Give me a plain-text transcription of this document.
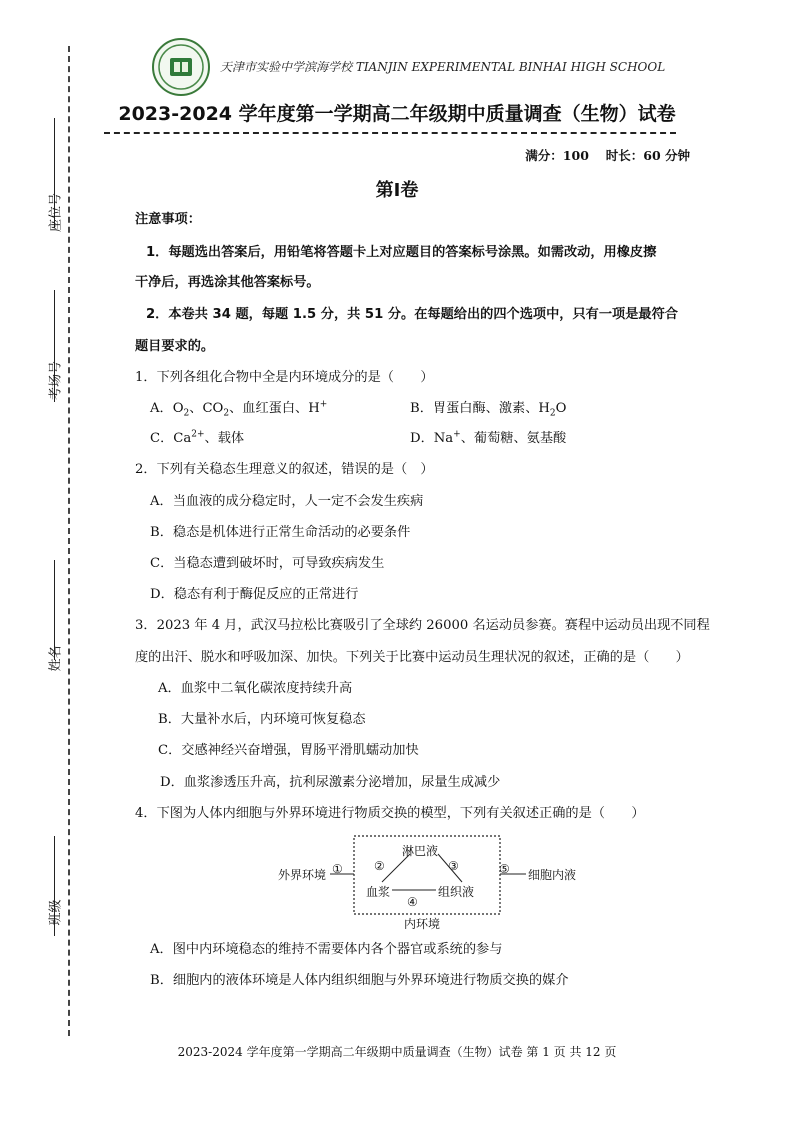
座位号
考场号
姓名
班级
天津市实验中学滨海学校 TIANJIN EXPERIMENTAL BINHAI HIGH SCHOOL
2023-2024 学年度第一学期高二年级期中质量调查（生物）试卷
满分：100　 时长：60 分钟
第Ⅰ卷
注意事项：
1．每题选出答案后，用铅笔将答题卡上对应题目的答案标号涂黑。如需改动，用橡皮擦
干净后，再选涂其他答案标号。
2．本卷共 34 题，每题 1.5 分，共 51 分。在每题给出的四个选项中，只有一项是最符合
题目要求的。
1．下列各组化合物中全是内环境成分的是（　　）
A．$O_2$、$CO_2$、血红蛋白、H+	B．胃蛋白酶、激素、$H_2O$
C．$Ca^{2+}$、载体	D．Na+、葡萄糖、氨基酸
2．下列有关稳态生理意义的叙述，错误的是（　）
A．当血液的成分稳定时，人一定不会发生疾病
B．稳态是机体进行正常生命活动的必要条件
C．当稳态遭到破坏时，可导致疾病发生
D．稳态有利于酶促反应的正常进行
3．2023 年 4 月，武汉马拉松比赛吸引了全球约 26000 名运动员参赛。赛程中运动员出现不同程
度的出汗、脱水和呼吸加深、加快。下列关于比赛中运动员生理状况的叙述，正确的是（　　）
A．血浆中二氧化碳浓度持续升高
B．大量补水后，内环境可恢复稳态
C．交感神经兴奋增强，胃肠平滑肌蠕动加快
D．血浆渗透压升高，抗利尿激素分泌增加，尿量生成减少
4．下图为人体内细胞与外界环境进行物质交换的模型，下列有关叙述正确的是（　　）
外界环境 ①
淋巴液
②	③
血浆	组织液
④
内环境
⑤ 细胞内液
A．图中内环境稳态的维持不需要体内各个器官或系统的参与
B．细胞内的液体环境是人体内组织细胞与外界环境进行物质交换的媒介
2023-2024 学年度第一学期高二年级期中质量调查（生物）试卷 第 1 页 共 12 页
